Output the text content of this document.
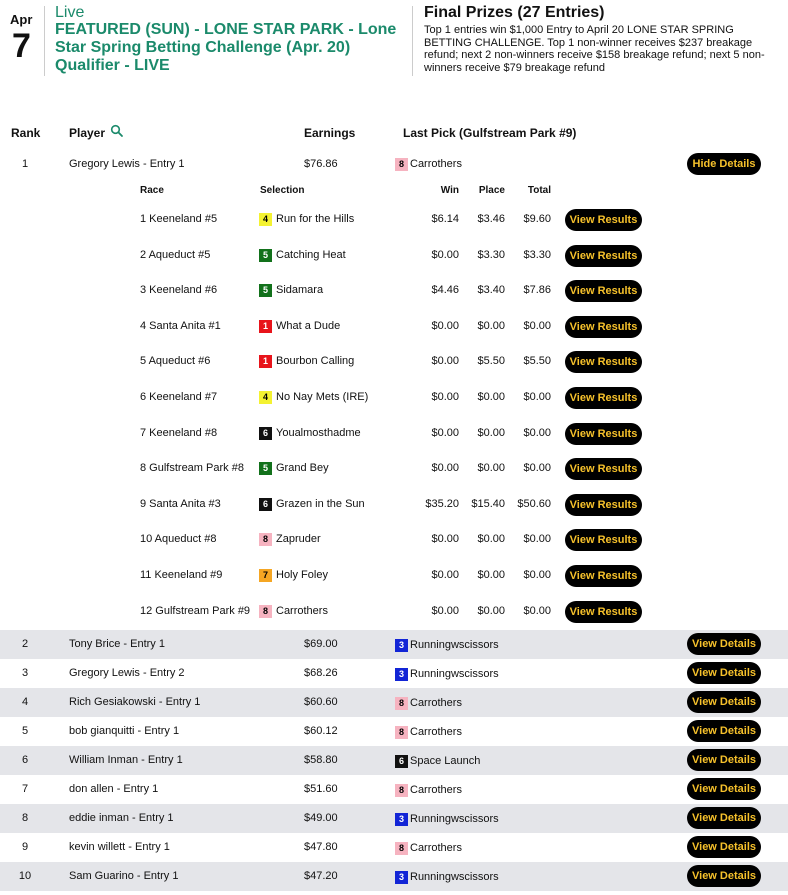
Apr
7
Live
FEATURED (SUN) - LONE STAR PARK - Lone Star Spring Betting Challenge (Apr. 20) Qualifier - LIVE
Final Prizes (27 Entries)
Top 1 entries win $1,000 Entry to April 20 LONE STAR SPRING BETTING CHALLENGE. Top 1 non-winner receives $237 breakage refund; next 2 non-winners receive $158 breakage refund; next 5 non-winners receive $79 breakage refund
Rank Player	Earnings	Last Pick (Gulfstream Park #9)
1	Gregory Lewis - Entry 1	$76.86	8 Carrothers	Hide Details
Race	Selection	Win	Place	Total
1 Keeneland #5	4 Run for the Hills	$6.14	$3.46	$9.60	View Results
2 Aqueduct #5	5 Catching Heat	$0.00	$3.30	$3.30	View Results
3 Keeneland #6	5 Sidamara	$4.46	$3.40	$7.86	View Results
4 Santa Anita #1	1 What a Dude	$0.00	$0.00	$0.00	View Results
5 Aqueduct #6	1 Bourbon Calling	$0.00	$5.50	$5.50	View Results
6 Keeneland #7	4 No Nay Mets (IRE)	$0.00	$0.00	$0.00	View Results
7 Keeneland #8	6 Youalmosthadme	$0.00	$0.00	$0.00	View Results
8 Gulfstream Park #8	5 Grand Bey	$0.00	$0.00	$0.00	View Results
9 Santa Anita #3	6 Grazen in the Sun	$35.20	$15.40	$50.60	View Results
10 Aqueduct #8	8 Zapruder	$0.00	$0.00	$0.00	View Results
11 Keeneland #9	7 Holy Foley	$0.00	$0.00	$0.00	View Results
12 Gulfstream Park #9	8 Carrothers	$0.00	$0.00	$0.00	View Results
2	Tony Brice - Entry 1	$69.00	3 Runningwscissors	View Details
3	Gregory Lewis - Entry 2	$68.26	3 Runningwscissors	View Details
4	Rich Gesiakowski - Entry 1	$60.60	8 Carrothers	View Details
5	bob gianquitti - Entry 1	$60.12	8 Carrothers	View Details
6	William Inman - Entry 1	$58.80	6 Space Launch	View Details
7	don allen - Entry 1	$51.60	8 Carrothers	View Details
8	eddie inman - Entry 1	$49.00	3 Runningwscissors	View Details
9	kevin willett - Entry 1	$47.80	8 Carrothers	View Details
10	Sam Guarino - Entry 1	$47.20	3 Runningwscissors	View Details
